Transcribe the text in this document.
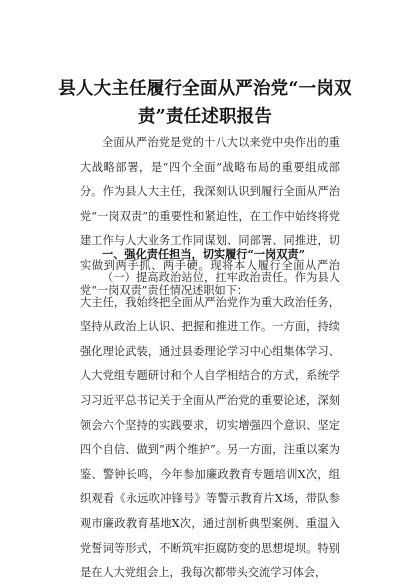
县人大主任履行全面从严治党“一岗双责”责任述职报告
全面从严治党是党的十八大以来党中央作出的重大战略部署，是“四个全面”战略布局的重要组成部分。作为县人大主任，我深刻认识到履行全面从严治党“一岗双责”的重要性和紧迫性，在工作中始终将党建工作与人大业务工作同谋划、同部署、同推进，切实做到两手抓、两手硬。现将本人履行全面从严治党“一岗双责”责任情况述职如下：
一、强化责任担当，切实履行“一岗双责”
（一）提高政治站位，扛牢政治责任。作为县人大主任，我始终把全面从严治党作为重大政治任务，坚持从政治上认识、把握和推进工作。一方面，持续强化理论武装，通过县委理论学习中心组集体学习、人大党组专题研讨和个人自学相结合的方式，系统学习习近平总书记关于全面从严治党的重要论述，深刻领会六个坚持的实践要求，切实增强四个意识、坚定四个自信、做到“两个维护”。另一方面，注重以案为鉴、警钟长鸣，今年参加廉政教育专题培训X次，组织观看《永远吹冲锋号》等警示教育片X场，带队参观市廉政教育基地X次，通过剖析典型案例、重温入党誓词等形式，不断筑牢拒腐防变的思想堤坝。特别是在人大党组会上，我每次都带头交流学习体会，
